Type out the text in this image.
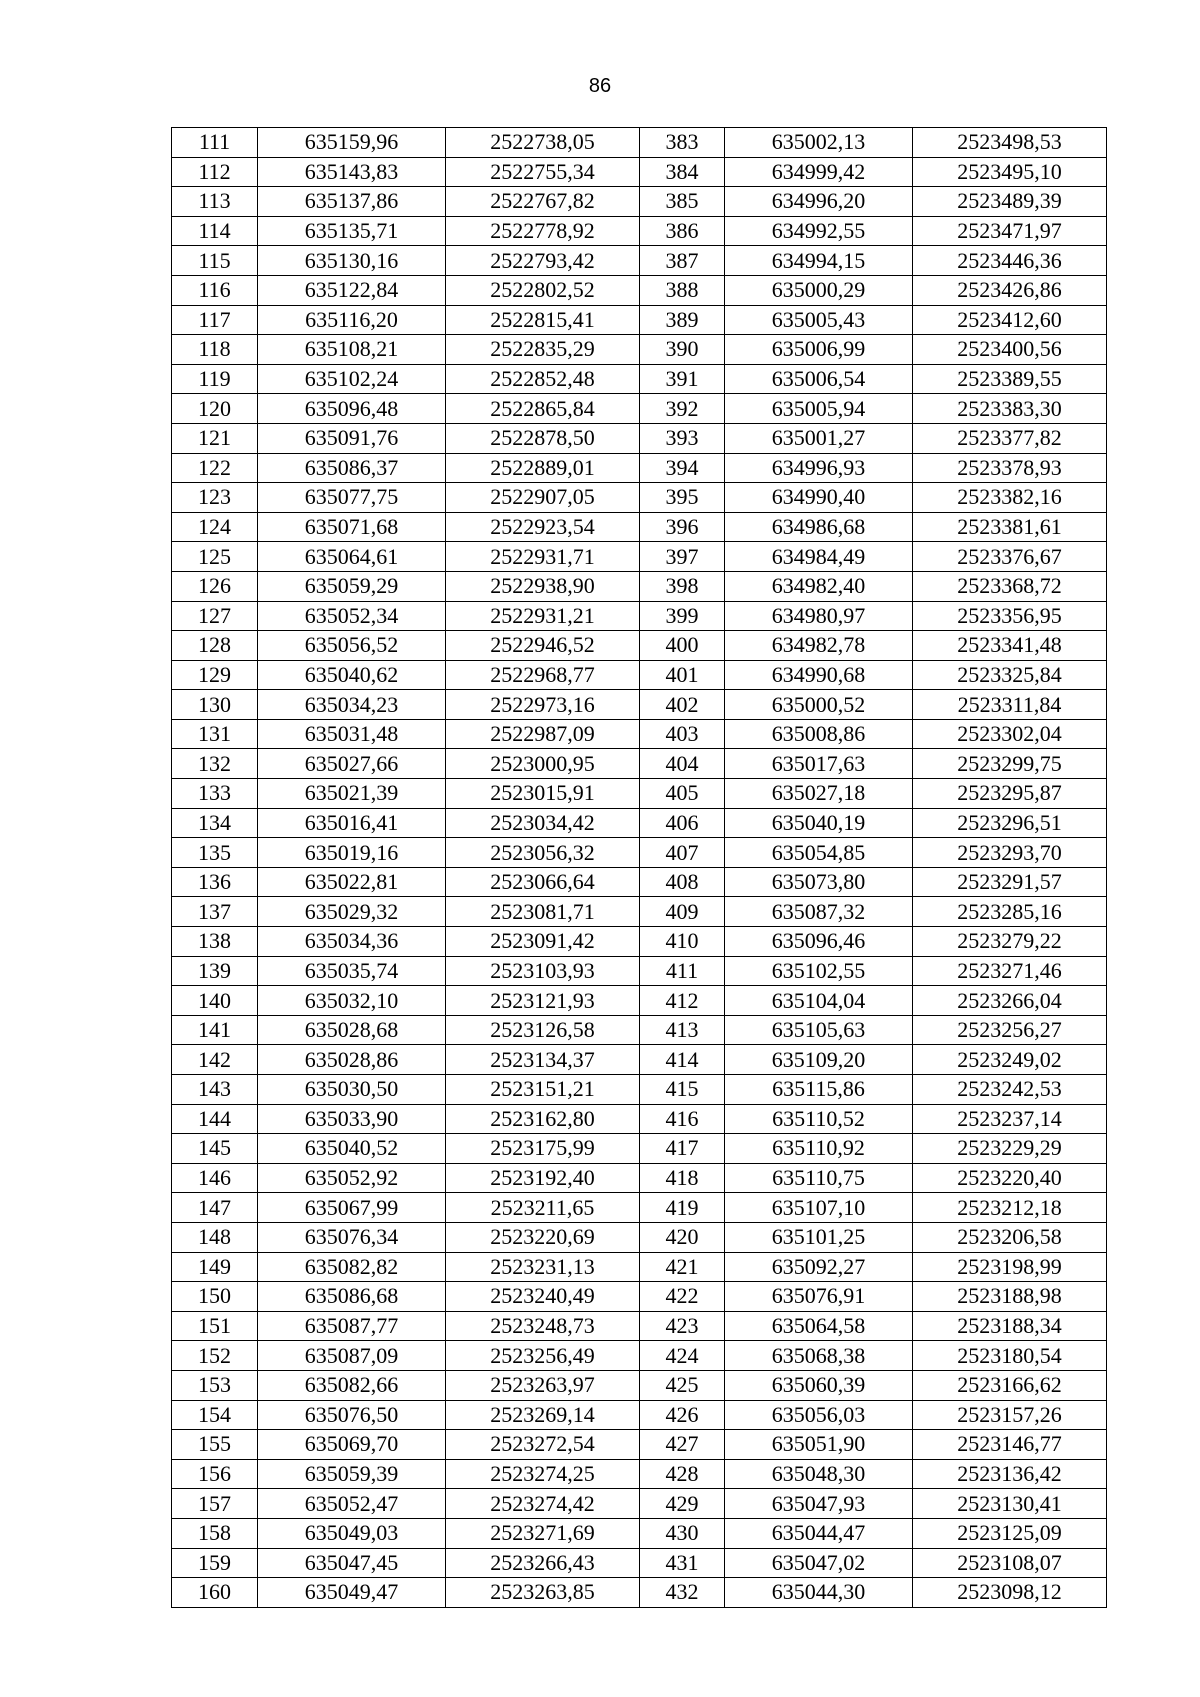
86
111	635159,96	2522738,05	383	635002,13	2523498,53
112	635143,83	2522755,34	384	634999,42	2523495,10
113	635137,86	2522767,82	385	634996,20	2523489,39
114	635135,71	2522778,92	386	634992,55	2523471,97
115	635130,16	2522793,42	387	634994,15	2523446,36
116	635122,84	2522802,52	388	635000,29	2523426,86
117	635116,20	2522815,41	389	635005,43	2523412,60
118	635108,21	2522835,29	390	635006,99	2523400,56
119	635102,24	2522852,48	391	635006,54	2523389,55
120	635096,48	2522865,84	392	635005,94	2523383,30
121	635091,76	2522878,50	393	635001,27	2523377,82
122	635086,37	2522889,01	394	634996,93	2523378,93
123	635077,75	2522907,05	395	634990,40	2523382,16
124	635071,68	2522923,54	396	634986,68	2523381,61
125	635064,61	2522931,71	397	634984,49	2523376,67
126	635059,29	2522938,90	398	634982,40	2523368,72
127	635052,34	2522931,21	399	634980,97	2523356,95
128	635056,52	2522946,52	400	634982,78	2523341,48
129	635040,62	2522968,77	401	634990,68	2523325,84
130	635034,23	2522973,16	402	635000,52	2523311,84
131	635031,48	2522987,09	403	635008,86	2523302,04
132	635027,66	2523000,95	404	635017,63	2523299,75
133	635021,39	2523015,91	405	635027,18	2523295,87
134	635016,41	2523034,42	406	635040,19	2523296,51
135	635019,16	2523056,32	407	635054,85	2523293,70
136	635022,81	2523066,64	408	635073,80	2523291,57
137	635029,32	2523081,71	409	635087,32	2523285,16
138	635034,36	2523091,42	410	635096,46	2523279,22
139	635035,74	2523103,93	411	635102,55	2523271,46
140	635032,10	2523121,93	412	635104,04	2523266,04
141	635028,68	2523126,58	413	635105,63	2523256,27
142	635028,86	2523134,37	414	635109,20	2523249,02
143	635030,50	2523151,21	415	635115,86	2523242,53
144	635033,90	2523162,80	416	635110,52	2523237,14
145	635040,52	2523175,99	417	635110,92	2523229,29
146	635052,92	2523192,40	418	635110,75	2523220,40
147	635067,99	2523211,65	419	635107,10	2523212,18
148	635076,34	2523220,69	420	635101,25	2523206,58
149	635082,82	2523231,13	421	635092,27	2523198,99
150	635086,68	2523240,49	422	635076,91	2523188,98
151	635087,77	2523248,73	423	635064,58	2523188,34
152	635087,09	2523256,49	424	635068,38	2523180,54
153	635082,66	2523263,97	425	635060,39	2523166,62
154	635076,50	2523269,14	426	635056,03	2523157,26
155	635069,70	2523272,54	427	635051,90	2523146,77
156	635059,39	2523274,25	428	635048,30	2523136,42
157	635052,47	2523274,42	429	635047,93	2523130,41
158	635049,03	2523271,69	430	635044,47	2523125,09
159	635047,45	2523266,43	431	635047,02	2523108,07
160	635049,47	2523263,85	432	635044,30	2523098,12
